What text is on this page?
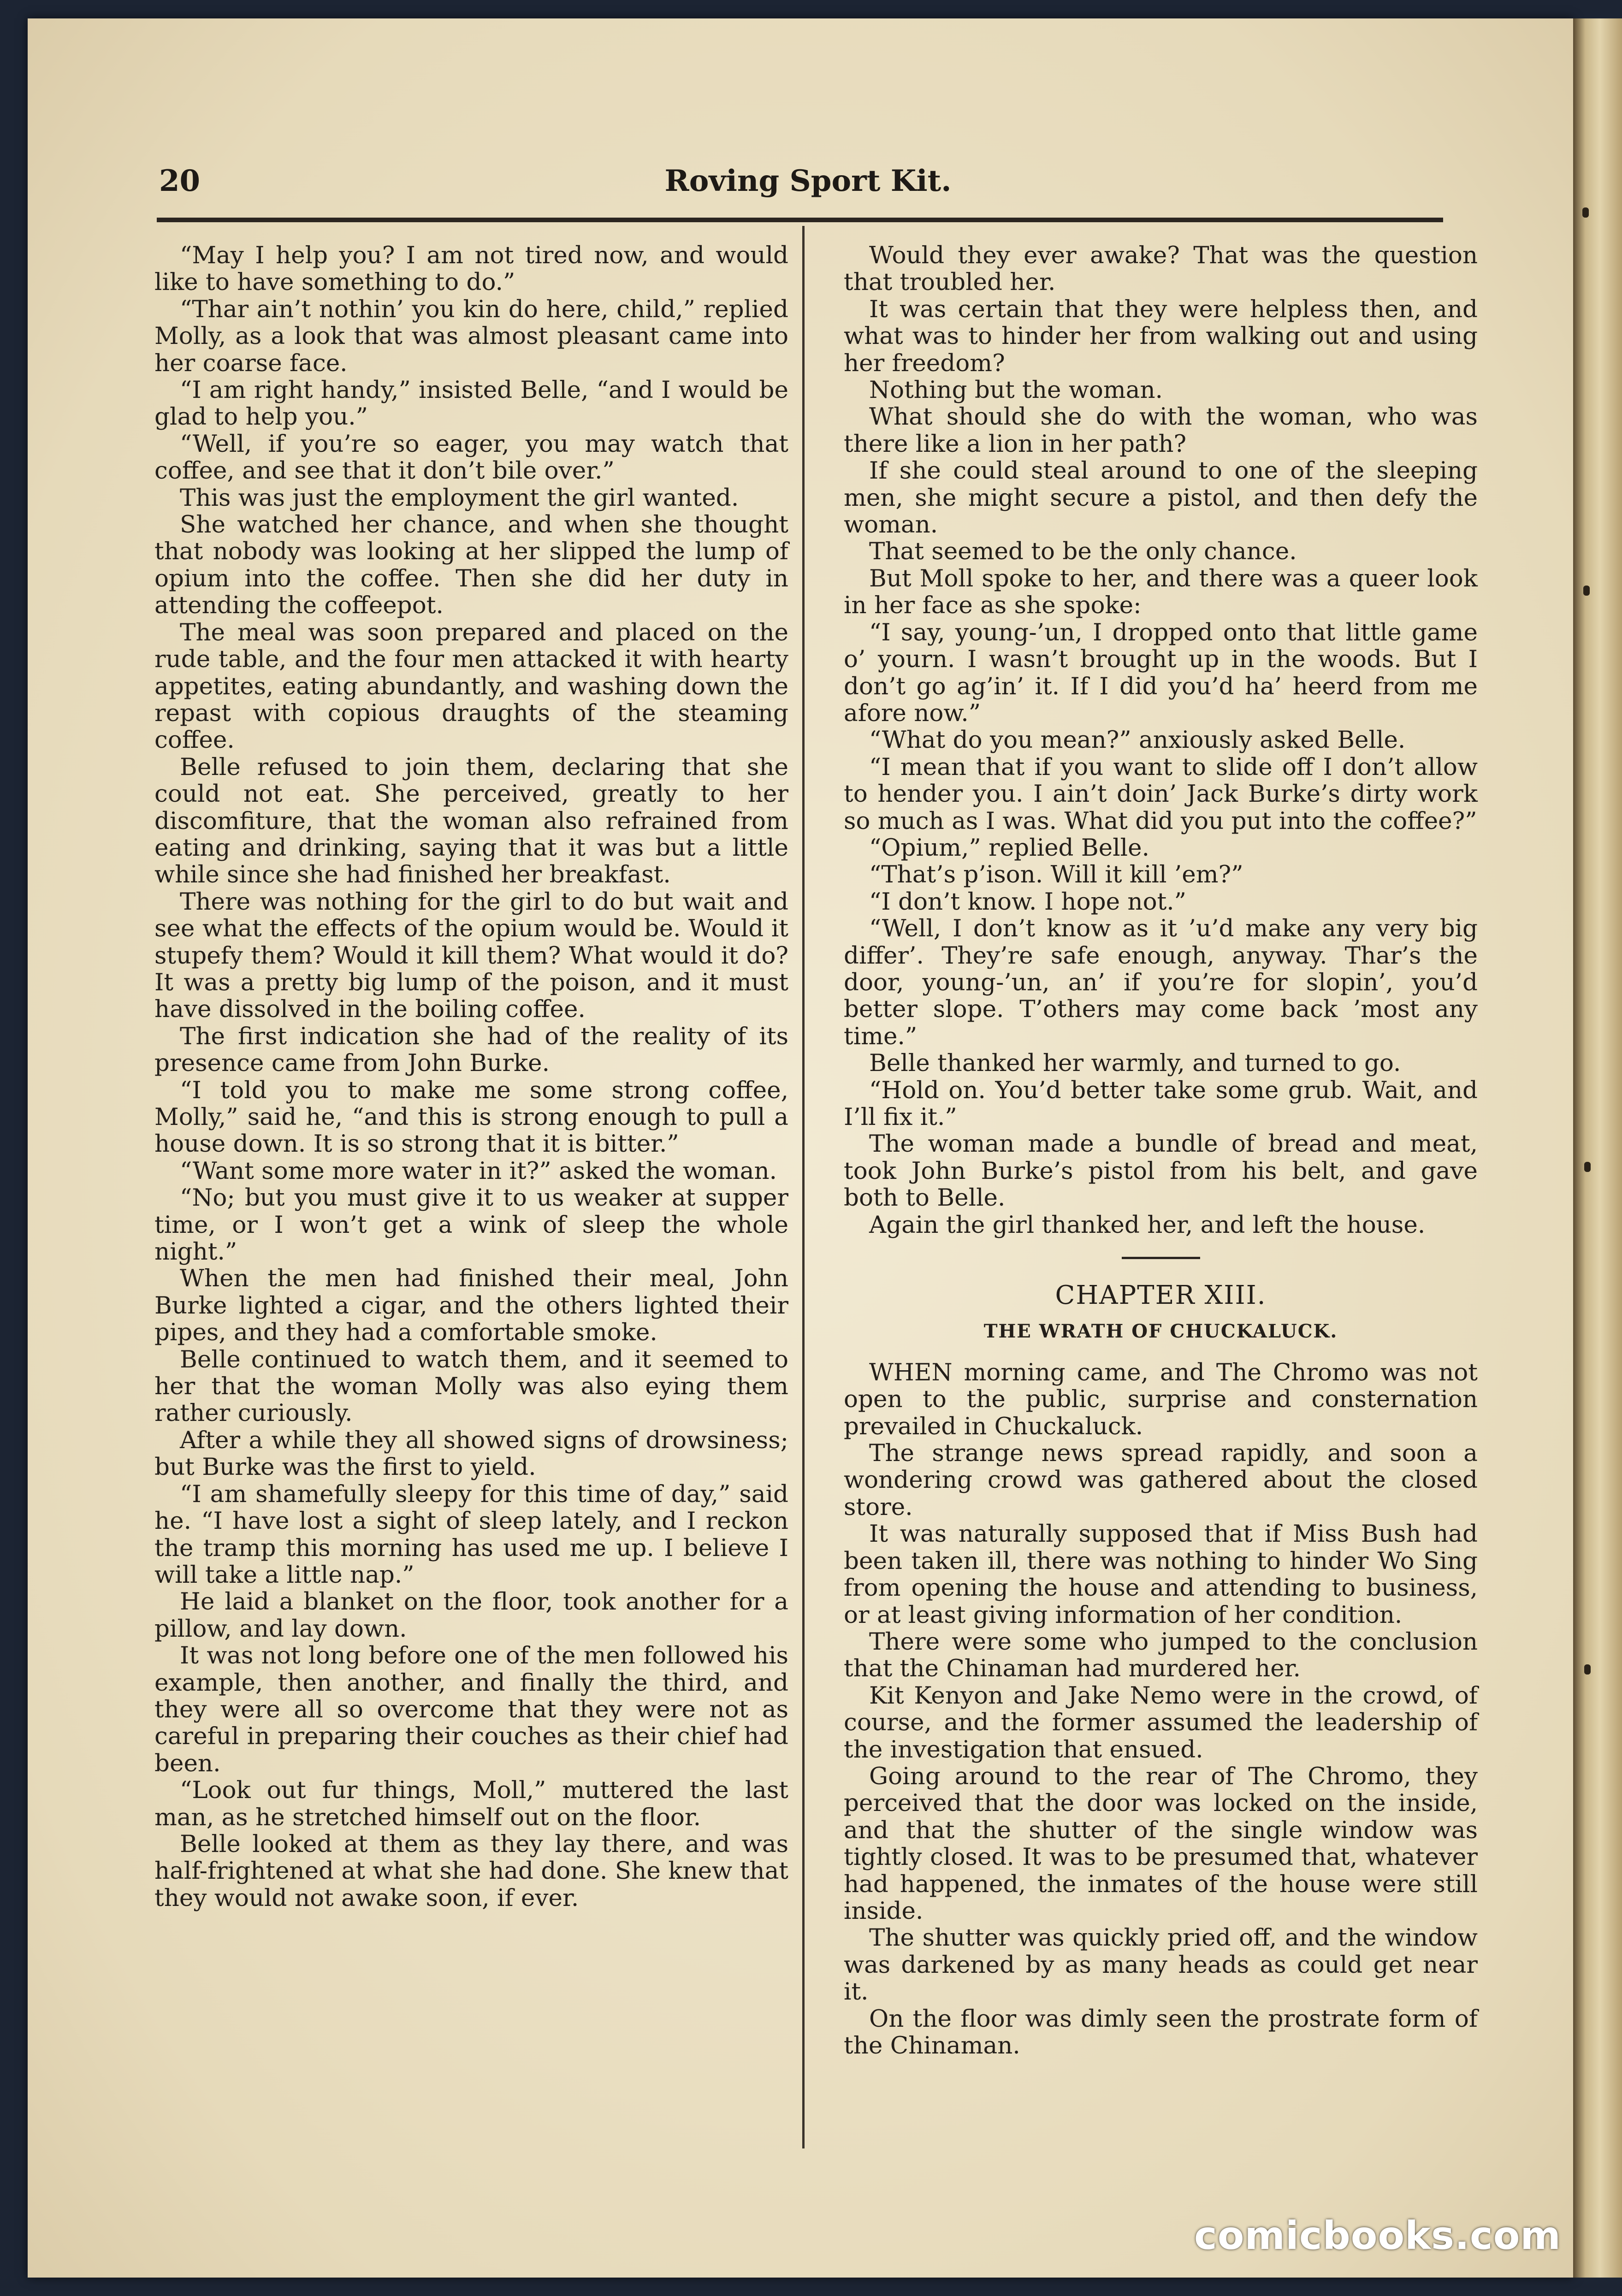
20	Roving Sport Kit.

“May I help you? I am not tired now, and would like to have something to do.”

“Thar ain’t nothin’ you kin do here, child,” replied Molly, as a look that was almost pleasant came into her coarse face.

“I am right handy,” insisted Belle, “and I would be glad to help you.”

“Well, if you’re so eager, you may watch that coffee, and see that it don’t bile over.”

This was just the employment the girl wanted.

She watched her chance, and when she thought that nobody was looking at her slipped the lump of opium into the coffee. Then she did her duty in attending the coffeepot.

The meal was soon prepared and placed on the rude table, and the four men attacked it with hearty appetites, eating abundantly, and washing down the repast with copious draughts of the steaming coffee.

Belle refused to join them, declaring that she could not eat. She perceived, greatly to her discomfiture, that the woman also refrained from eating and drinking, saying that it was but a little while since she had finished her breakfast.

There was nothing for the girl to do but wait and see what the effects of the opium would be. Would it stupefy them? Would it kill them? What would it do? It was a pretty big lump of the poison, and it must have dissolved in the boiling coffee.

The first indication she had of the reality of its presence came from John Burke.

“I told you to make me some strong coffee, Molly,” said he, “and this is strong enough to pull a house down. It is so strong that it is bitter.”

“Want some more water in it?” asked the woman.

“No; but you must give it to us weaker at supper time, or I won’t get a wink of sleep the whole night.”

When the men had finished their meal, John Burke lighted a cigar, and the others lighted their pipes, and they had a comfortable smoke.

Belle continued to watch them, and it seemed to her that the woman Molly was also eying them rather curiously.

After a while they all showed signs of drowsiness; but Burke was the first to yield.

“I am shamefully sleepy for this time of day,” said he. “I have lost a sight of sleep lately, and I reckon the tramp this morning has used me up. I believe I will take a little nap.”

He laid a blanket on the floor, took another for a pillow, and lay down.

It was not long before one of the men followed his example, then another, and finally the third, and they were all so overcome that they were not as careful in preparing their couches as their chief had been.

“Look out fur things, Moll,” muttered the last man, as he stretched himself out on the floor.

Belle looked at them as they lay there, and was half-frightened at what she had done. She knew that they would not awake soon, if ever.

Would they ever awake? That was the question that troubled her.

It was certain that they were helpless then, and what was to hinder her from walking out and using her freedom?

Nothing but the woman.

What should she do with the woman, who was there like a lion in her path?

If she could steal around to one of the sleeping men, she might secure a pistol, and then defy the woman.

That seemed to be the only chance.

But Moll spoke to her, and there was a queer look in her face as she spoke:

“I say, young-’un, I dropped onto that little game o’ yourn. I wasn’t brought up in the woods. But I don’t go ag’in’ it. If I did you’d ha’ heerd from me afore now.”

“What do you mean?” anxiously asked Belle.

“I mean that if you want to slide off I don’t allow to hender you. I ain’t doin’ Jack Burke’s dirty work so much as I was. What did you put into the coffee?”

“Opium,” replied Belle.

“That’s p’ison. Will it kill ’em?”

“I don’t know. I hope not.”

“Well, I don’t know as it ’u’d make any very big differ’. They’re safe enough, anyway. Thar’s the door, young-’un, an’ if you’re for slopin’, you’d better slope. T’others may come back ’most any time.”

Belle thanked her warmly, and turned to go.

“Hold on. You’d better take some grub. Wait, and I’ll fix it.”

The woman made a bundle of bread and meat, took John Burke’s pistol from his belt, and gave both to Belle.

Again the girl thanked her, and left the house.

CHAPTER XIII.
THE WRATH OF CHUCKALUCK.

WHEN morning came, and The Chromo was not open to the public, surprise and consternation prevailed in Chuckaluck.

The strange news spread rapidly, and soon a wondering crowd was gathered about the closed store.

It was naturally supposed that if Miss Bush had been taken ill, there was nothing to hinder Wo Sing from opening the house and attending to business, or at least giving information of her condition.

There were some who jumped to the conclusion that the Chinaman had murdered her.

Kit Kenyon and Jake Nemo were in the crowd, of course, and the former assumed the leadership of the investigation that ensued.

Going around to the rear of The Chromo, they perceived that the door was locked on the inside, and that the shutter of the single window was tightly closed. It was to be presumed that, whatever had happened, the inmates of the house were still inside.

The shutter was quickly pried off, and the window was darkened by as many heads as could get near it.

On the floor was dimly seen the prostrate form of the Chinaman.

comicbooks.com
